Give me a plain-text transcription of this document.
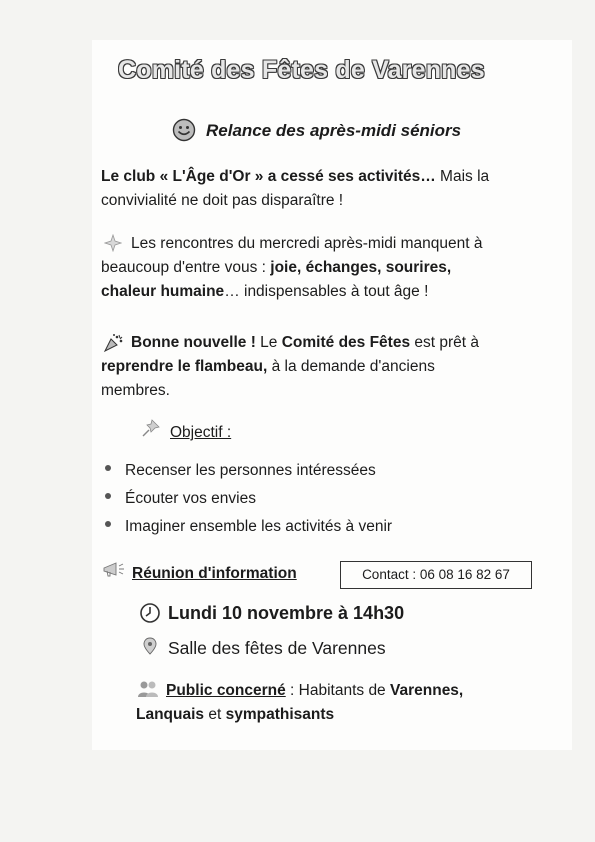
Comité des Fêtes de Varennes
Relance des après-midi séniors
Le club « L'Âge d'Or » a cessé ses activités… Mais la
convivialité ne doit pas disparaître !
Les rencontres du mercredi après-midi manquent à
beaucoup d'entre vous : joie, échanges, sourires,
chaleur humaine… indispensables à tout âge !
Bonne nouvelle ! Le Comité des Fêtes est prêt à
reprendre le flambeau, à la demande d'anciens
membres.
Objectif :
Recenser les personnes intéressées
Écouter vos envies
Imaginer ensemble les activités à venir
Réunion d'information	Contact : 06 08 16 82 67
Lundi 10 novembre à 14h30
Salle des fêtes de Varennes
Public concerné : Habitants de Varennes,
Lanquais et sympathisants
